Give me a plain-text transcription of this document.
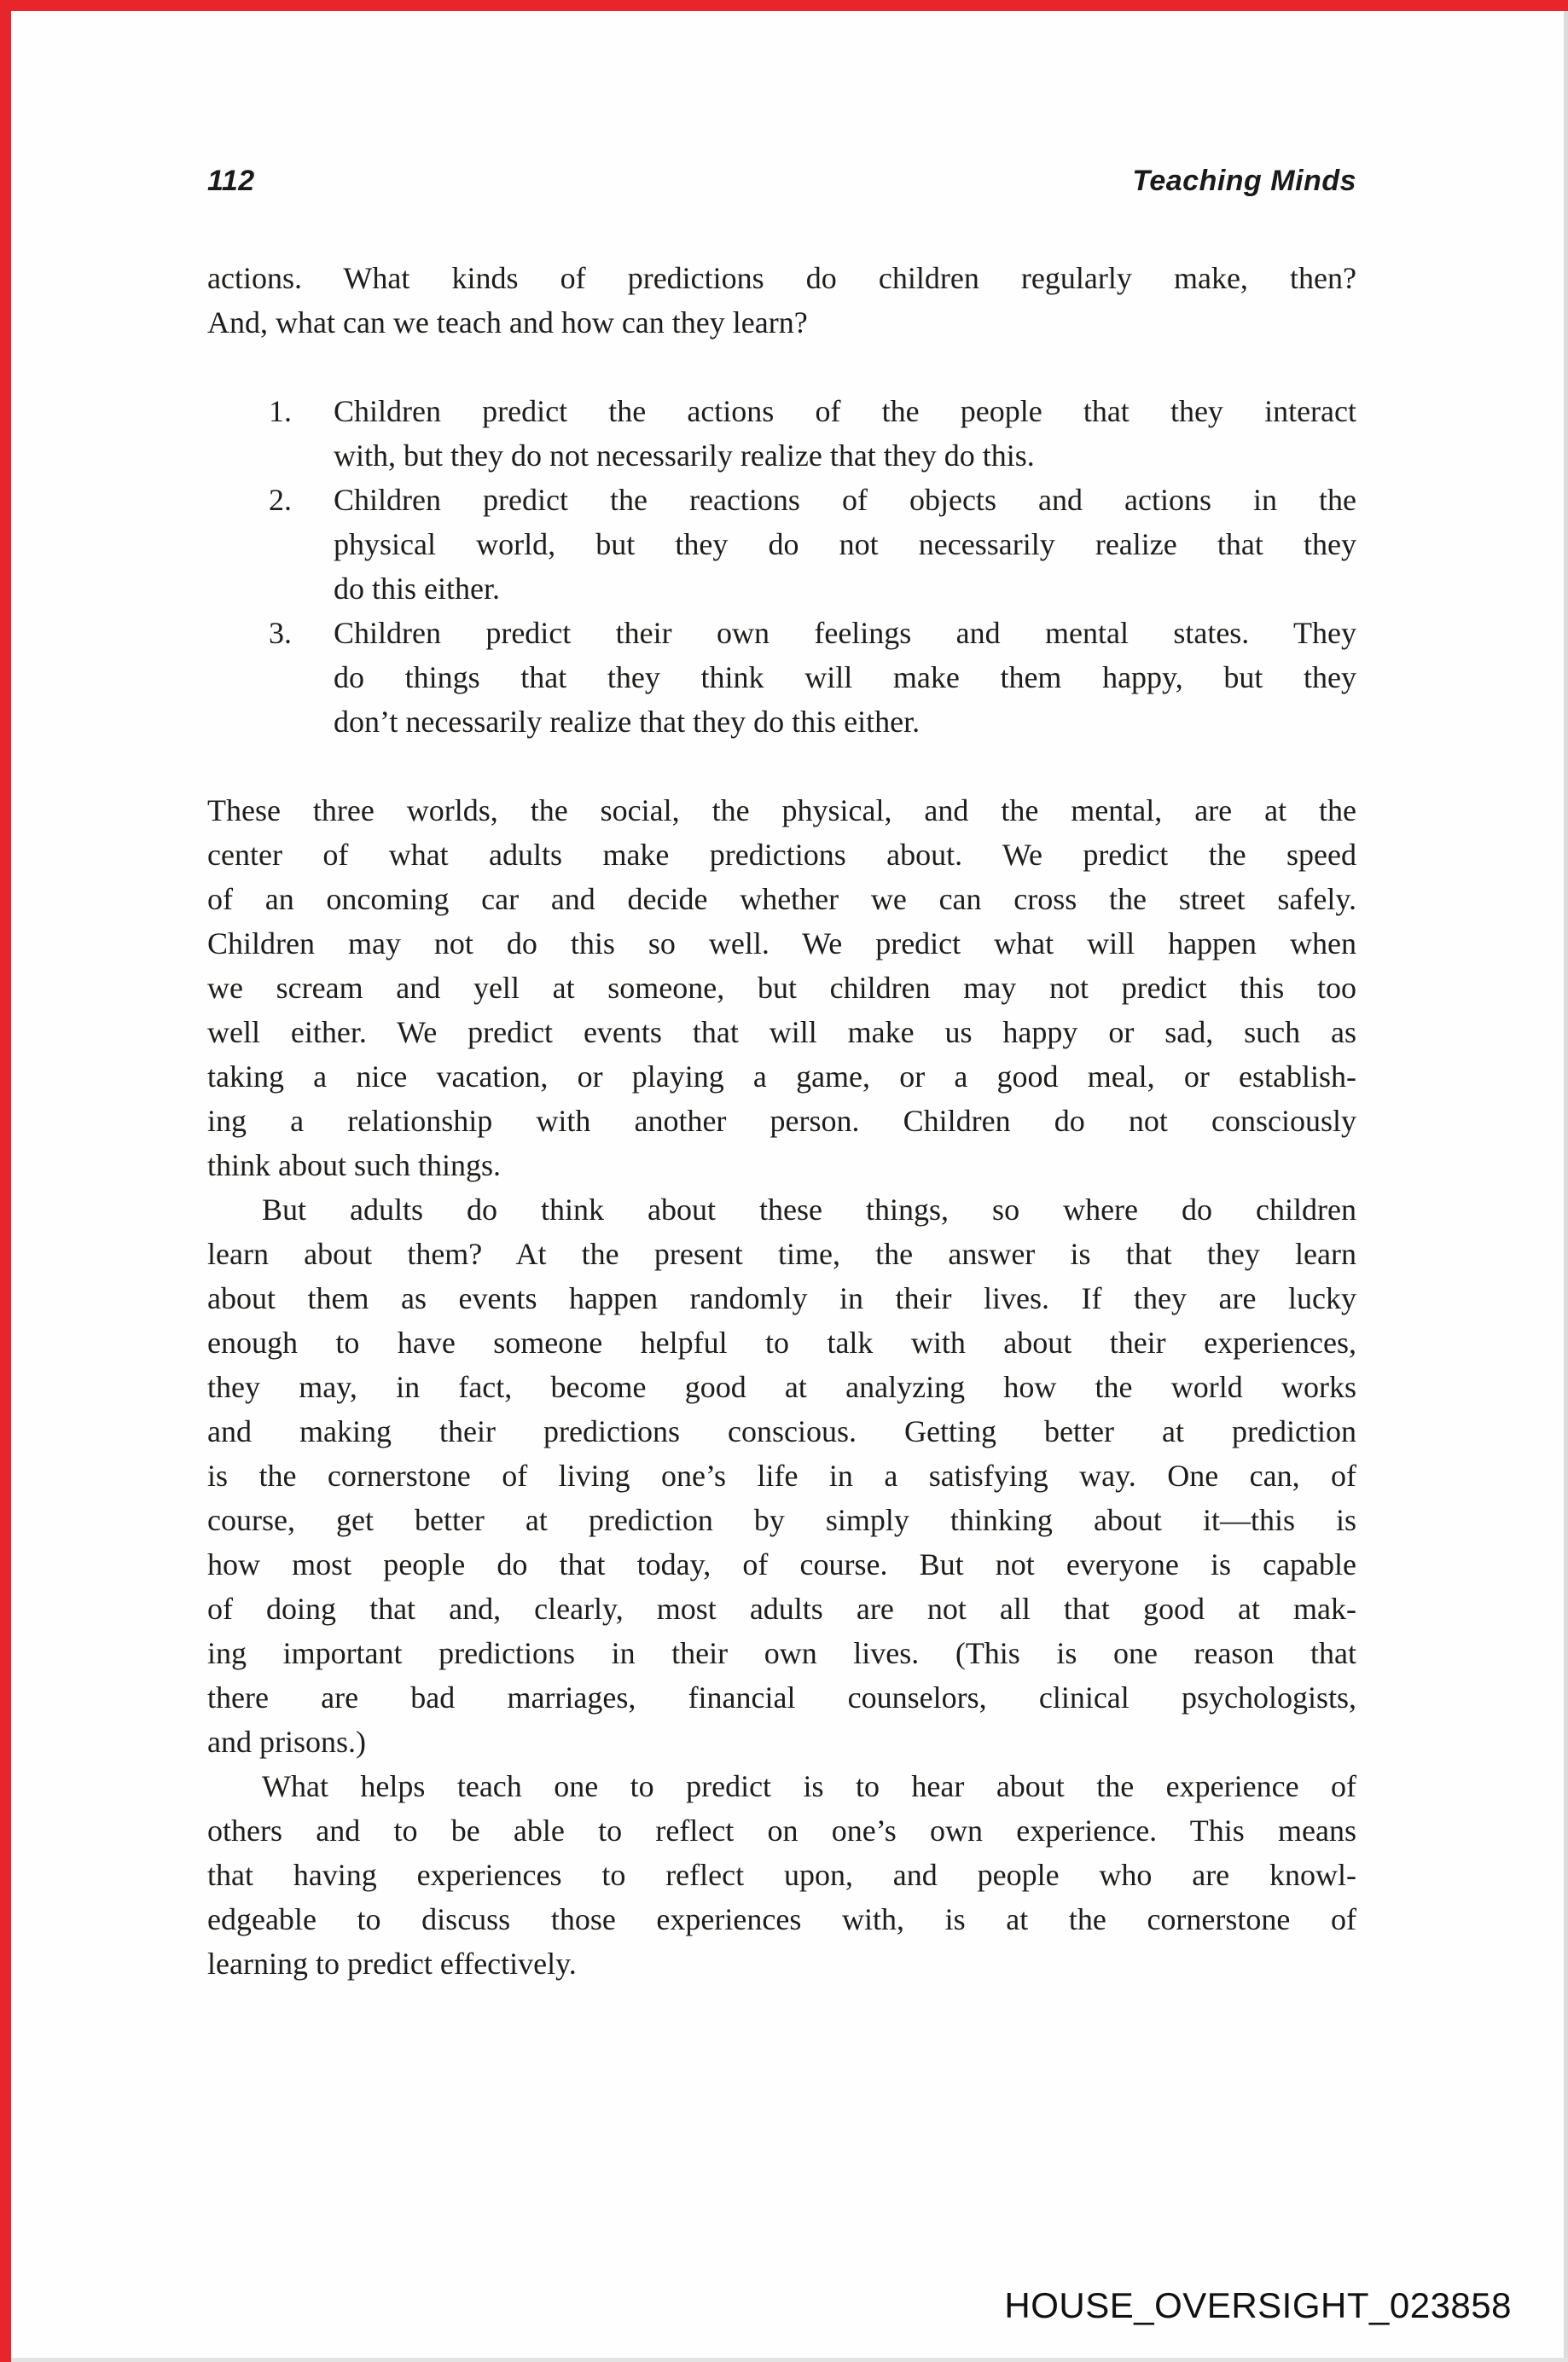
112	Teaching Minds
actions. What kinds of predictions do children regularly make, then?
And, what can we teach and how can they learn?
1. Children predict the actions of the people that they interact
with, but they do not necessarily realize that they do this.
2. Children predict the reactions of objects and actions in the
physical world, but they do not necessarily realize that they
do this either.
3. Children predict their own feelings and mental states. They
do things that they think will make them happy, but they
don’t necessarily realize that they do this either.
These three worlds, the social, the physical, and the mental, are at the
center of what adults make predictions about. We predict the speed
of an oncoming car and decide whether we can cross the street safely.
Children may not do this so well. We predict what will happen when
we scream and yell at someone, but children may not predict this too
well either. We predict events that will make us happy or sad, such as
taking a nice vacation, or playing a game, or a good meal, or establish-
ing a relationship with another person. Children do not consciously
think about such things.
But adults do think about these things, so where do children
learn about them? At the present time, the answer is that they learn
about them as events happen randomly in their lives. If they are lucky
enough to have someone helpful to talk with about their experiences,
they may, in fact, become good at analyzing how the world works
and making their predictions conscious. Getting better at prediction
is the cornerstone of living one’s life in a satisfying way. One can, of
course, get better at prediction by simply thinking about it—this is
how most people do that today, of course. But not everyone is capable
of doing that and, clearly, most adults are not all that good at mak-
ing important predictions in their own lives. (This is one reason that
there are bad marriages, financial counselors, clinical psychologists,
and prisons.)
What helps teach one to predict is to hear about the experience of
others and to be able to reflect on one’s own experience. This means
that having experiences to reflect upon, and people who are knowl-
edgeable to discuss those experiences with, is at the cornerstone of
learning to predict effectively.
HOUSE_OVERSIGHT_023858
